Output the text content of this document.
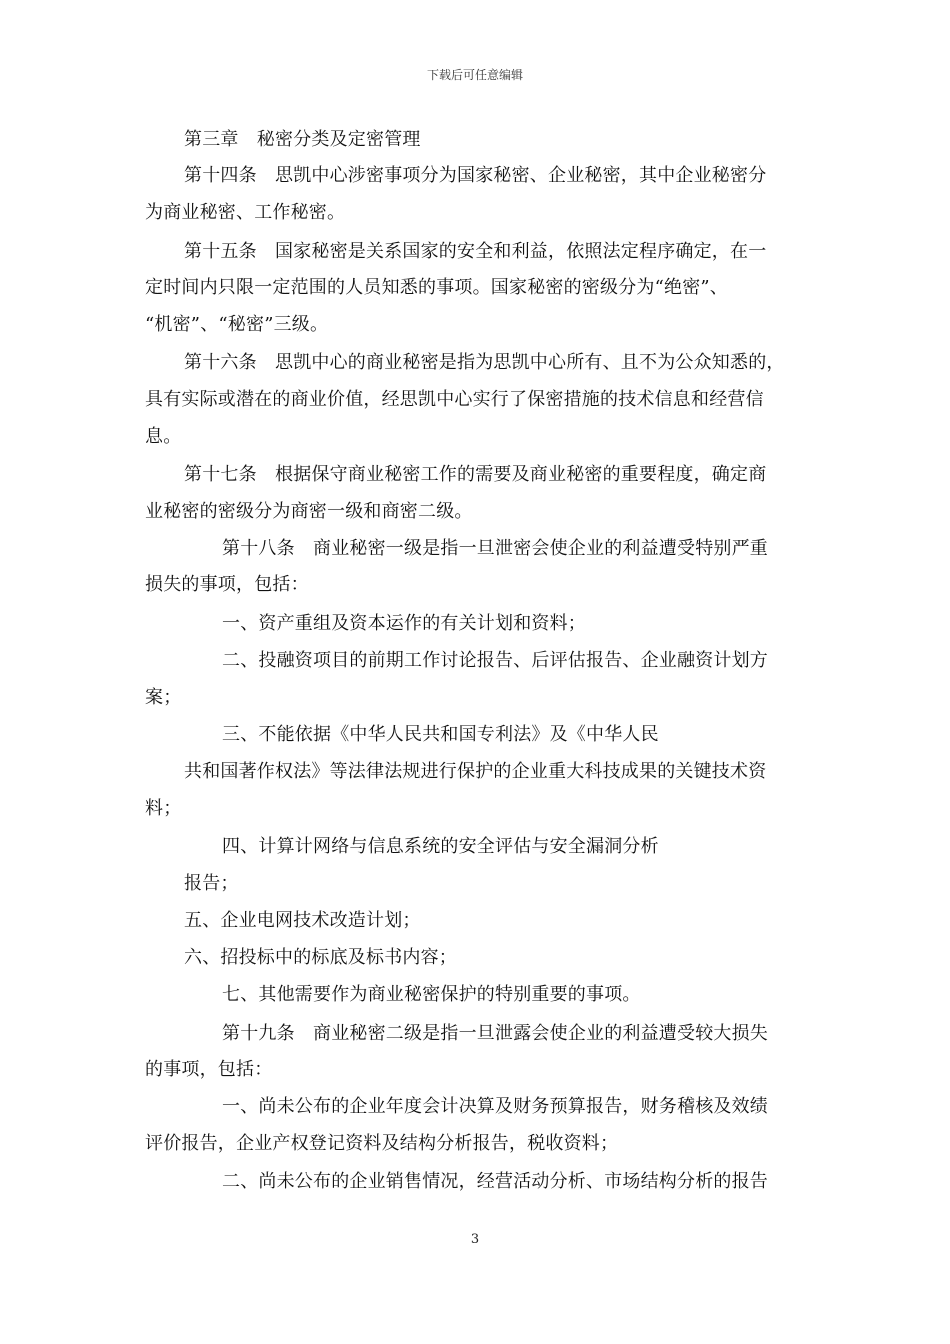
下载后可任意编辑
第三章　秘密分类及定密管理
第十四条　思凯中心涉密事项分为国家秘密、企业秘密，其中企业秘密分
为商业秘密、工作秘密。
第十五条　国家秘密是关系国家的安全和利益，依照法定程序确定，在一
定时间内只限一定范围的人员知悉的事项。国家秘密的密级分为“绝密”、
“机密”、“秘密”三级。
第十六条　思凯中心的商业秘密是指为思凯中心所有、且不为公众知悉的，
具有实际或潜在的商业价值，经思凯中心实行了保密措施的技术信息和经营信
息。
第十七条　根据保守商业秘密工作的需要及商业秘密的重要程度，确定商
业秘密的密级分为商密一级和商密二级。
第十八条　商业秘密一级是指一旦泄密会使企业的利益遭受特别严重
损失的事项，包括：
一、资产重组及资本运作的有关计划和资料；
二、投融资项目的前期工作讨论报告、后评估报告、企业融资计划方
案；
三、不能依据《中华人民共和国专利法》及《中华人民
共和国著作权法》等法律法规进行保护的企业重大科技成果的关键技术资
料；
四、计算计网络与信息系统的安全评估与安全漏洞分析
报告；
五、企业电网技术改造计划；
六、招投标中的标底及标书内容；
七、其他需要作为商业秘密保护的特别重要的事项。
第十九条　商业秘密二级是指一旦泄露会使企业的利益遭受较大损失
的事项，包括：
一、尚未公布的企业年度会计决算及财务预算报告，财务稽核及效绩
评价报告，企业产权登记资料及结构分析报告，税收资料；
二、尚未公布的企业销售情况，经营活动分析、市场结构分析的报告
3
